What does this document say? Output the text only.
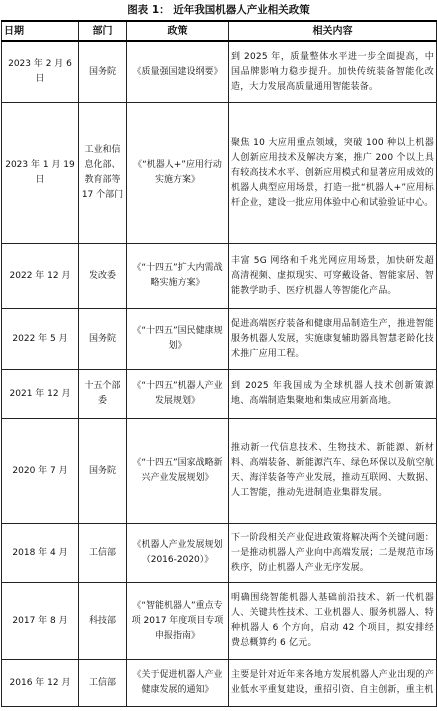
图表 1： 近年我国机器人产业相关政策
日期	部门	政策	相关内容
2023 年 2 月 6 日	国务院	《质量强国建设纲要》	到 2025 年，质量整体水平进一步全面提高，中国品牌影响力稳步提升。加快传统装备智能化改造，大力发展高质量通用智能装备。
2023 年 1 月 19 日	工业和信息化部、教育部等 17 个部门	《“机器人+”应用行动实施方案》	聚焦 10 大应用重点领域，突破 100 种以上机器人创新应用技术及解决方案，推广 200 个以上具有较高技术水平、创新应用模式和显著应用成效的机器人典型应用场景，打造一批“机器人+”应用标杆企业，建设一批应用体验中心和试验验证中心。
2022 年 12 月	发改委	《“十四五”扩大内需战略实施方案》	丰富 5G 网络和千兆光网应用场景，加快研发超高清视频、虚拟现实、可穿戴设备、智能家居、智能教学助手、医疗机器人等智能化产品。
2022 年 5 月	国务院	《“十四五”国民健康规划》	促进高端医疗装备和健康用品制造生产，推进智能服务机器人发展，实施康复辅助器具智慧老龄化技术推广应用工程。
2021 年 12 月	十五个部委	《“十四五”机器人产业发展规划》	到 2025 年我国成为全球机器人技术创新策源地、高端制造集聚地和集成应用新高地。
2020 年 7 月	国务院	《“十四五”国家战略新兴产业发展规划》	推动新一代信息技术、生物技术、新能源、新材料、高端装备、新能源汽车、绿色环保以及航空航天、海洋装备等产业发展，推动互联网、大数据、人工智能，推动先进制造业集群发展。
2018 年 4 月	工信部	《机器人产业发展规划（2016-2020）》	下一阶段相关产业促进政策将解决两个关键问题：一是推动机器人产业向中高端发展；二是规范市场秩序，防止机器人产业无序发展。
2017 年 8 月	科技部	《“智能机器人”重点专项 2017 年度项目专项申报指南》	明确围绕智能机器人基础前沿技术、新一代机器人、关键共性技术、工业机器人、服务机器人、特种机器人 6 个方向，启动 42 个项目，拟安排经费总概算约 6 亿元。
2016 年 12 月	工信部	《关于促进机器人产业健康发展的通知》	主要是针对近年来各地方发展机器人产业出现的产业低水平重复建设，重招引资、自主创新，重主机
